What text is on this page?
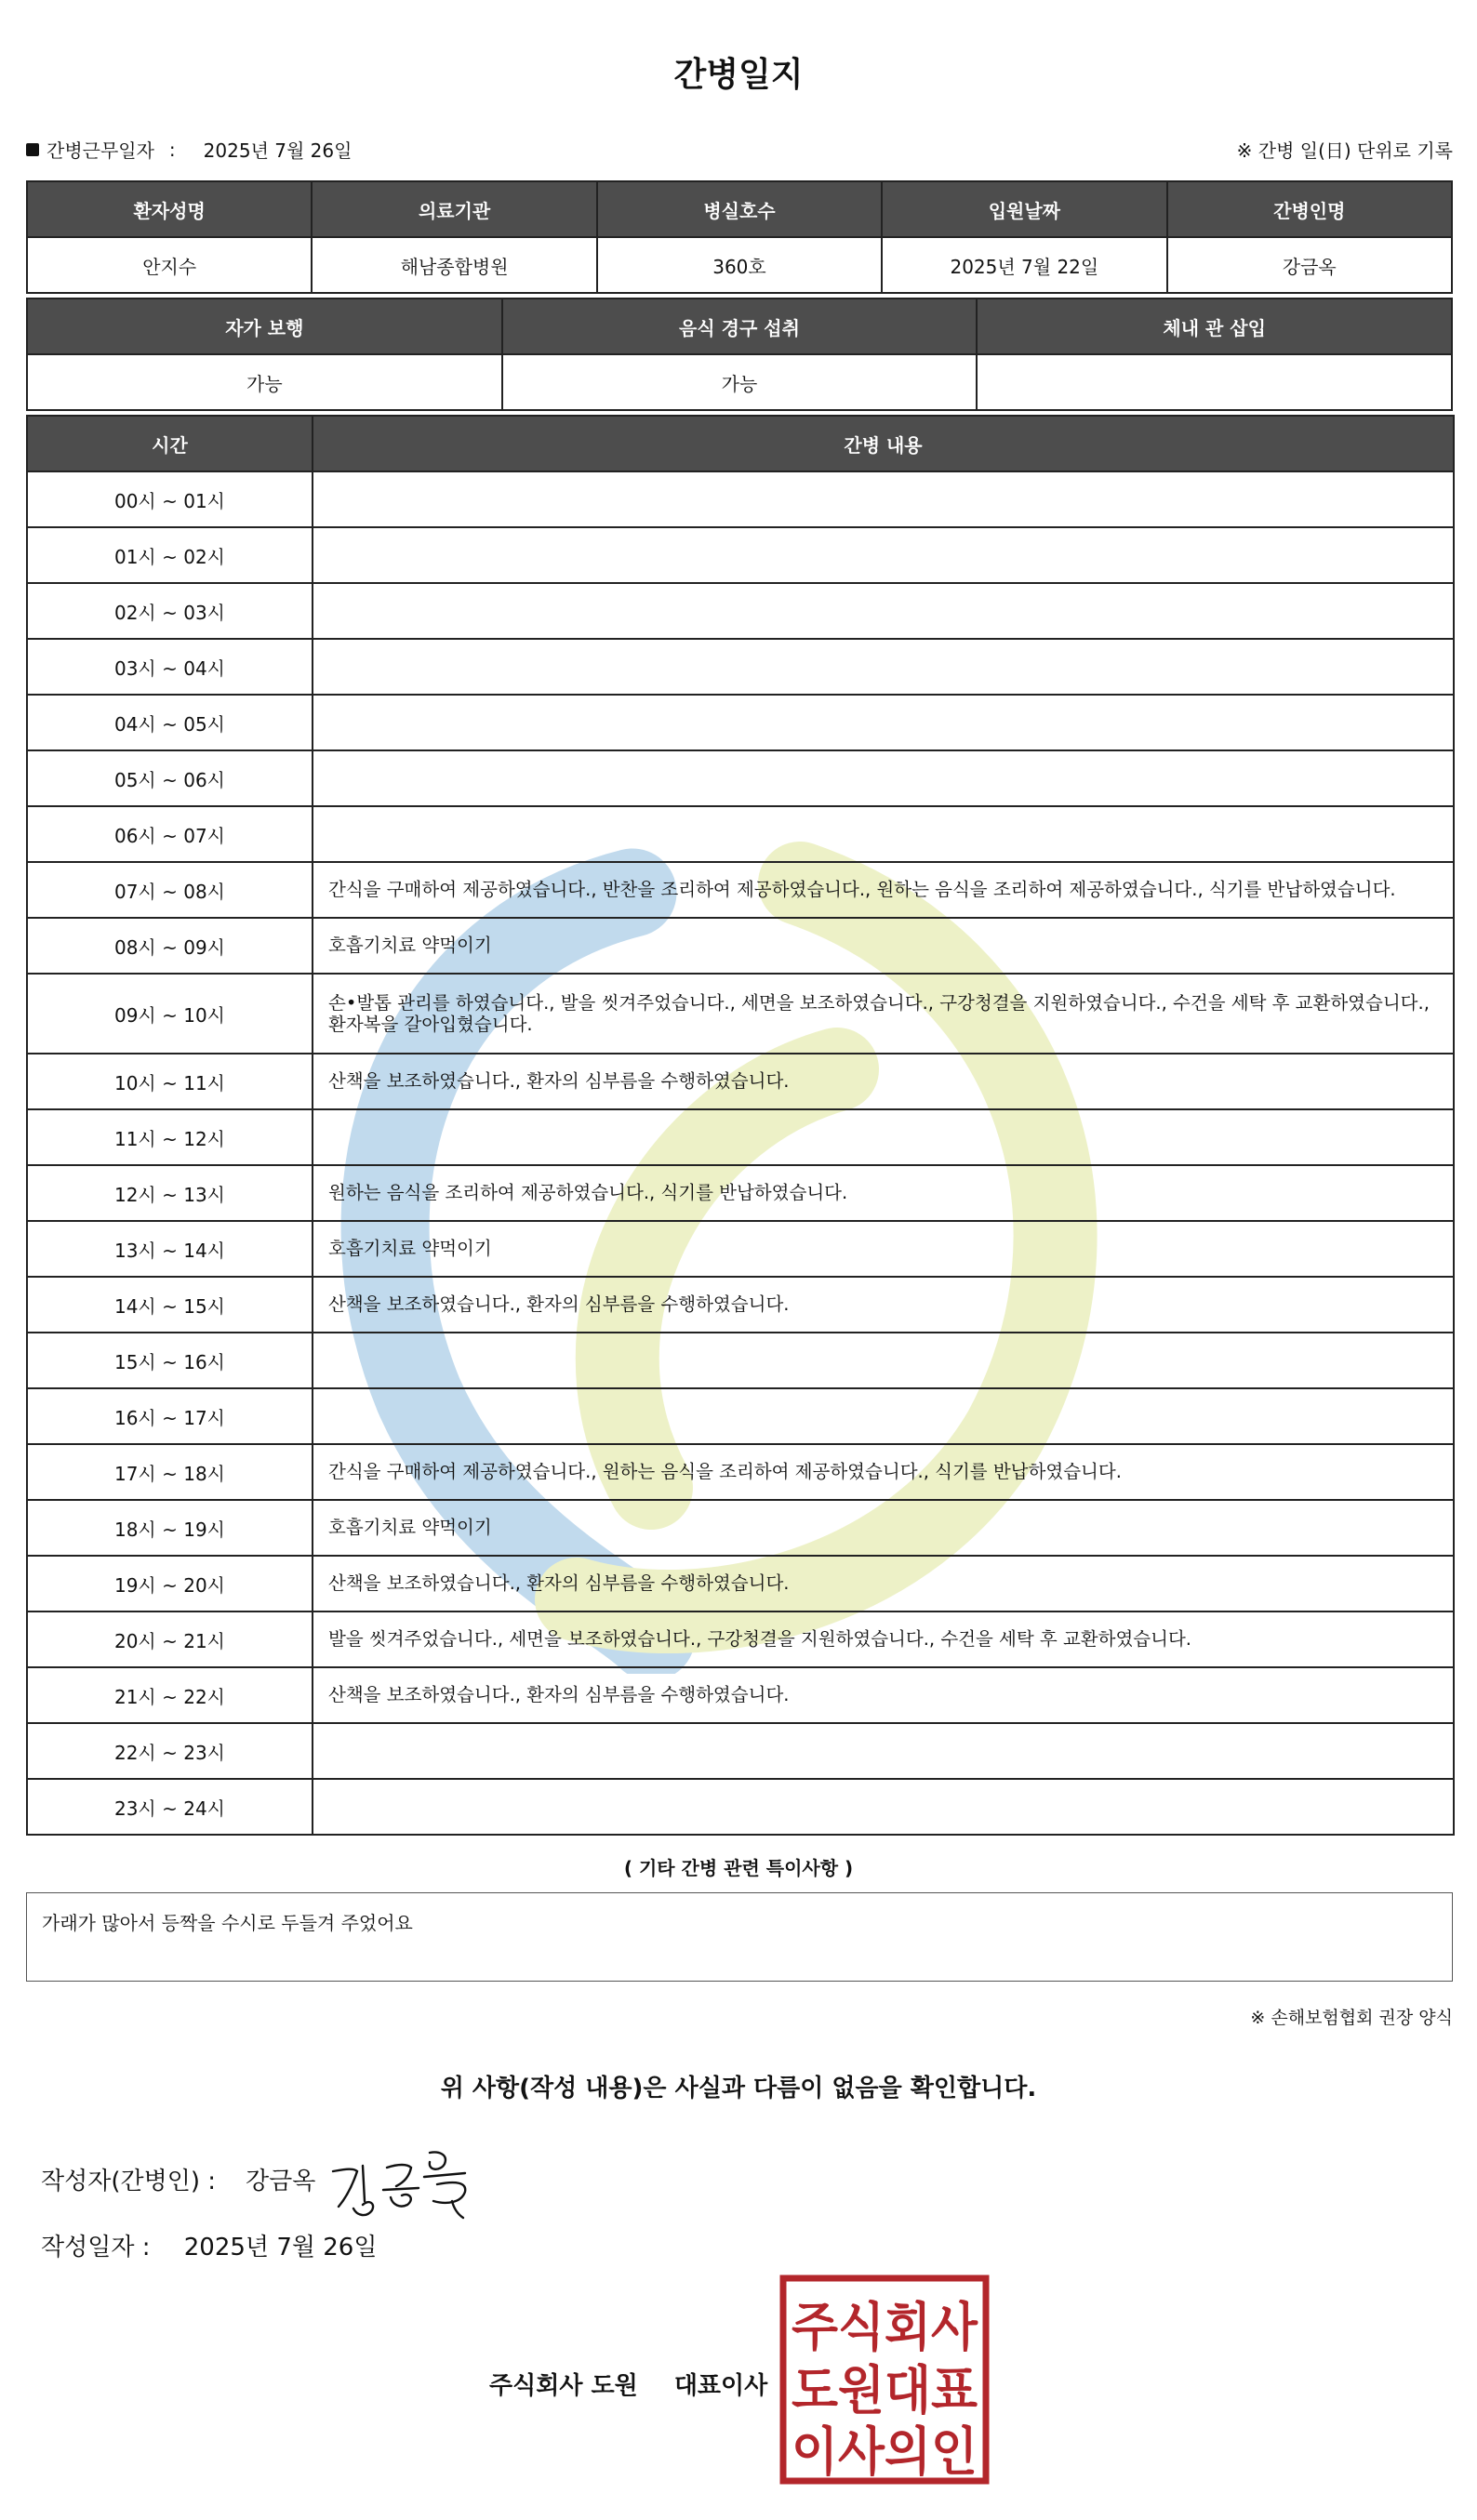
간병일지
간병근무일자 : 2025년 7월 26일	※ 간병 일(日) 단위로 기록
환자성명	의료기관	병실호수	입원날짜	간병인명
안지수	해남종합병원	360호	2025년 7월 22일	강금옥
자가 보행	음식 경구 섭취	체내 관 삽입
가능	가능	
시간	간병 내용
00시 ~ 01시	
01시 ~ 02시	
02시 ~ 03시	
03시 ~ 04시	
04시 ~ 05시	
05시 ~ 06시	
06시 ~ 07시	
07시 ~ 08시	간식을 구매하여 제공하였습니다., 반찬을 조리하여 제공하였습니다., 원하는 음식을 조리하여 제공하였습니다., 식기를 반납하였습니다.
08시 ~ 09시	호흡기치료 약먹이기
09시 ~ 10시	손•발톱 관리를 하였습니다., 발을 씻겨주었습니다., 세면을 보조하였습니다., 구강청결을 지원하였습니다., 수건을 세탁 후 교환하였습니다., 환자복을 갈아입혔습니다.
10시 ~ 11시	산책을 보조하였습니다., 환자의 심부름을 수행하였습니다.
11시 ~ 12시	
12시 ~ 13시	원하는 음식을 조리하여 제공하였습니다., 식기를 반납하였습니다.
13시 ~ 14시	호흡기치료 약먹이기
14시 ~ 15시	산책을 보조하였습니다., 환자의 심부름을 수행하였습니다.
15시 ~ 16시	
16시 ~ 17시	
17시 ~ 18시	간식을 구매하여 제공하였습니다., 원하는 음식을 조리하여 제공하였습니다., 식기를 반납하였습니다.
18시 ~ 19시	호흡기치료 약먹이기
19시 ~ 20시	산책을 보조하였습니다., 환자의 심부름을 수행하였습니다.
20시 ~ 21시	발을 씻겨주었습니다., 세면을 보조하였습니다., 구강청결을 지원하였습니다., 수건을 세탁 후 교환하였습니다.
21시 ~ 22시	산책을 보조하였습니다., 환자의 심부름을 수행하였습니다.
22시 ~ 23시	
23시 ~ 24시	
( 기타 간병 관련 특이사항 )
가래가 많아서 등짝을 수시로 두들겨 주었어요
※ 손해보험협회 권장 양식
위 사항(작성 내용)은 사실과 다름이 없음을 확인합니다.
작성자(간병인) : 강금옥
작성일자 : 2025년 7월 26일
주식회사 도원 대표이사
주식회사
도원대표
이사의인
